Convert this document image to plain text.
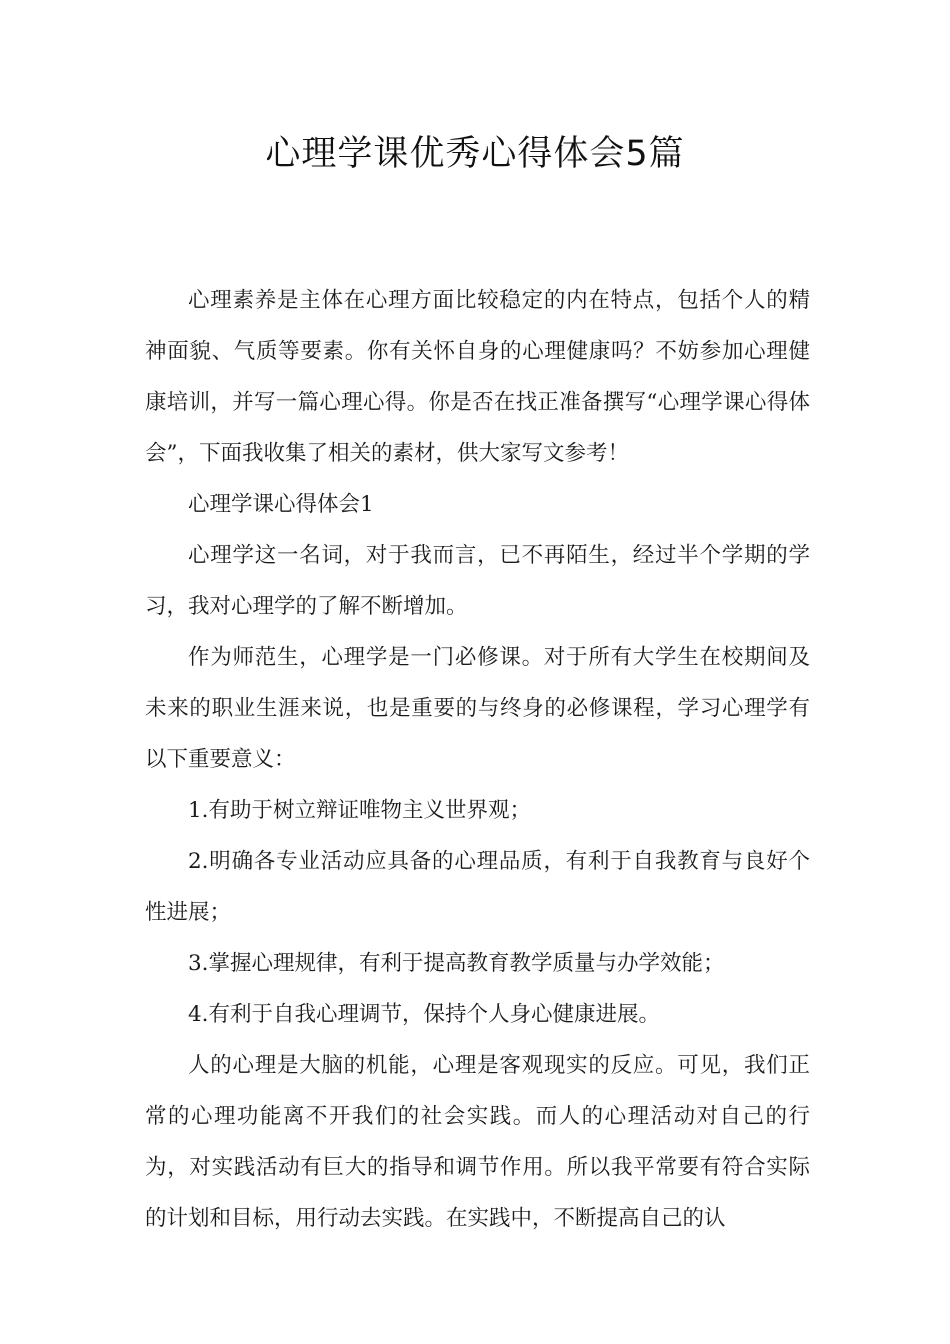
心理学课优秀心得体会5篇

心理素养是主体在心理方面比较稳定的内在特点，包括个人的精神面貌、气质等要素。你有关怀自身的心理健康吗？不妨参加心理健康培训，并写一篇心理心得。你是否在找正准备撰写“心理学课心得体会”，下面我收集了相关的素材，供大家写文参考！

心理学课心得体会1

心理学这一名词，对于我而言，已不再陌生，经过半个学期的学习，我对心理学的了解不断增加。

作为师范生，心理学是一门必修课。对于所有大学生在校期间及未来的职业生涯来说，也是重要的与终身的必修课程，学习心理学有以下重要意义：

1.有助于树立辩证唯物主义世界观；

2.明确各专业活动应具备的心理品质，有利于自我教育与良好个性进展；

3.掌握心理规律，有利于提高教育教学质量与办学效能；

4.有利于自我心理调节，保持个人身心健康进展。

人的心理是大脑的机能，心理是客观现实的反应。可见，我们正常的心理功能离不开我们的社会实践。而人的心理活动对自己的行为，对实践活动有巨大的指导和调节作用。所以我平常要有符合实际的计划和目标，用行动去实践。在实践中，不断提高自己的认
